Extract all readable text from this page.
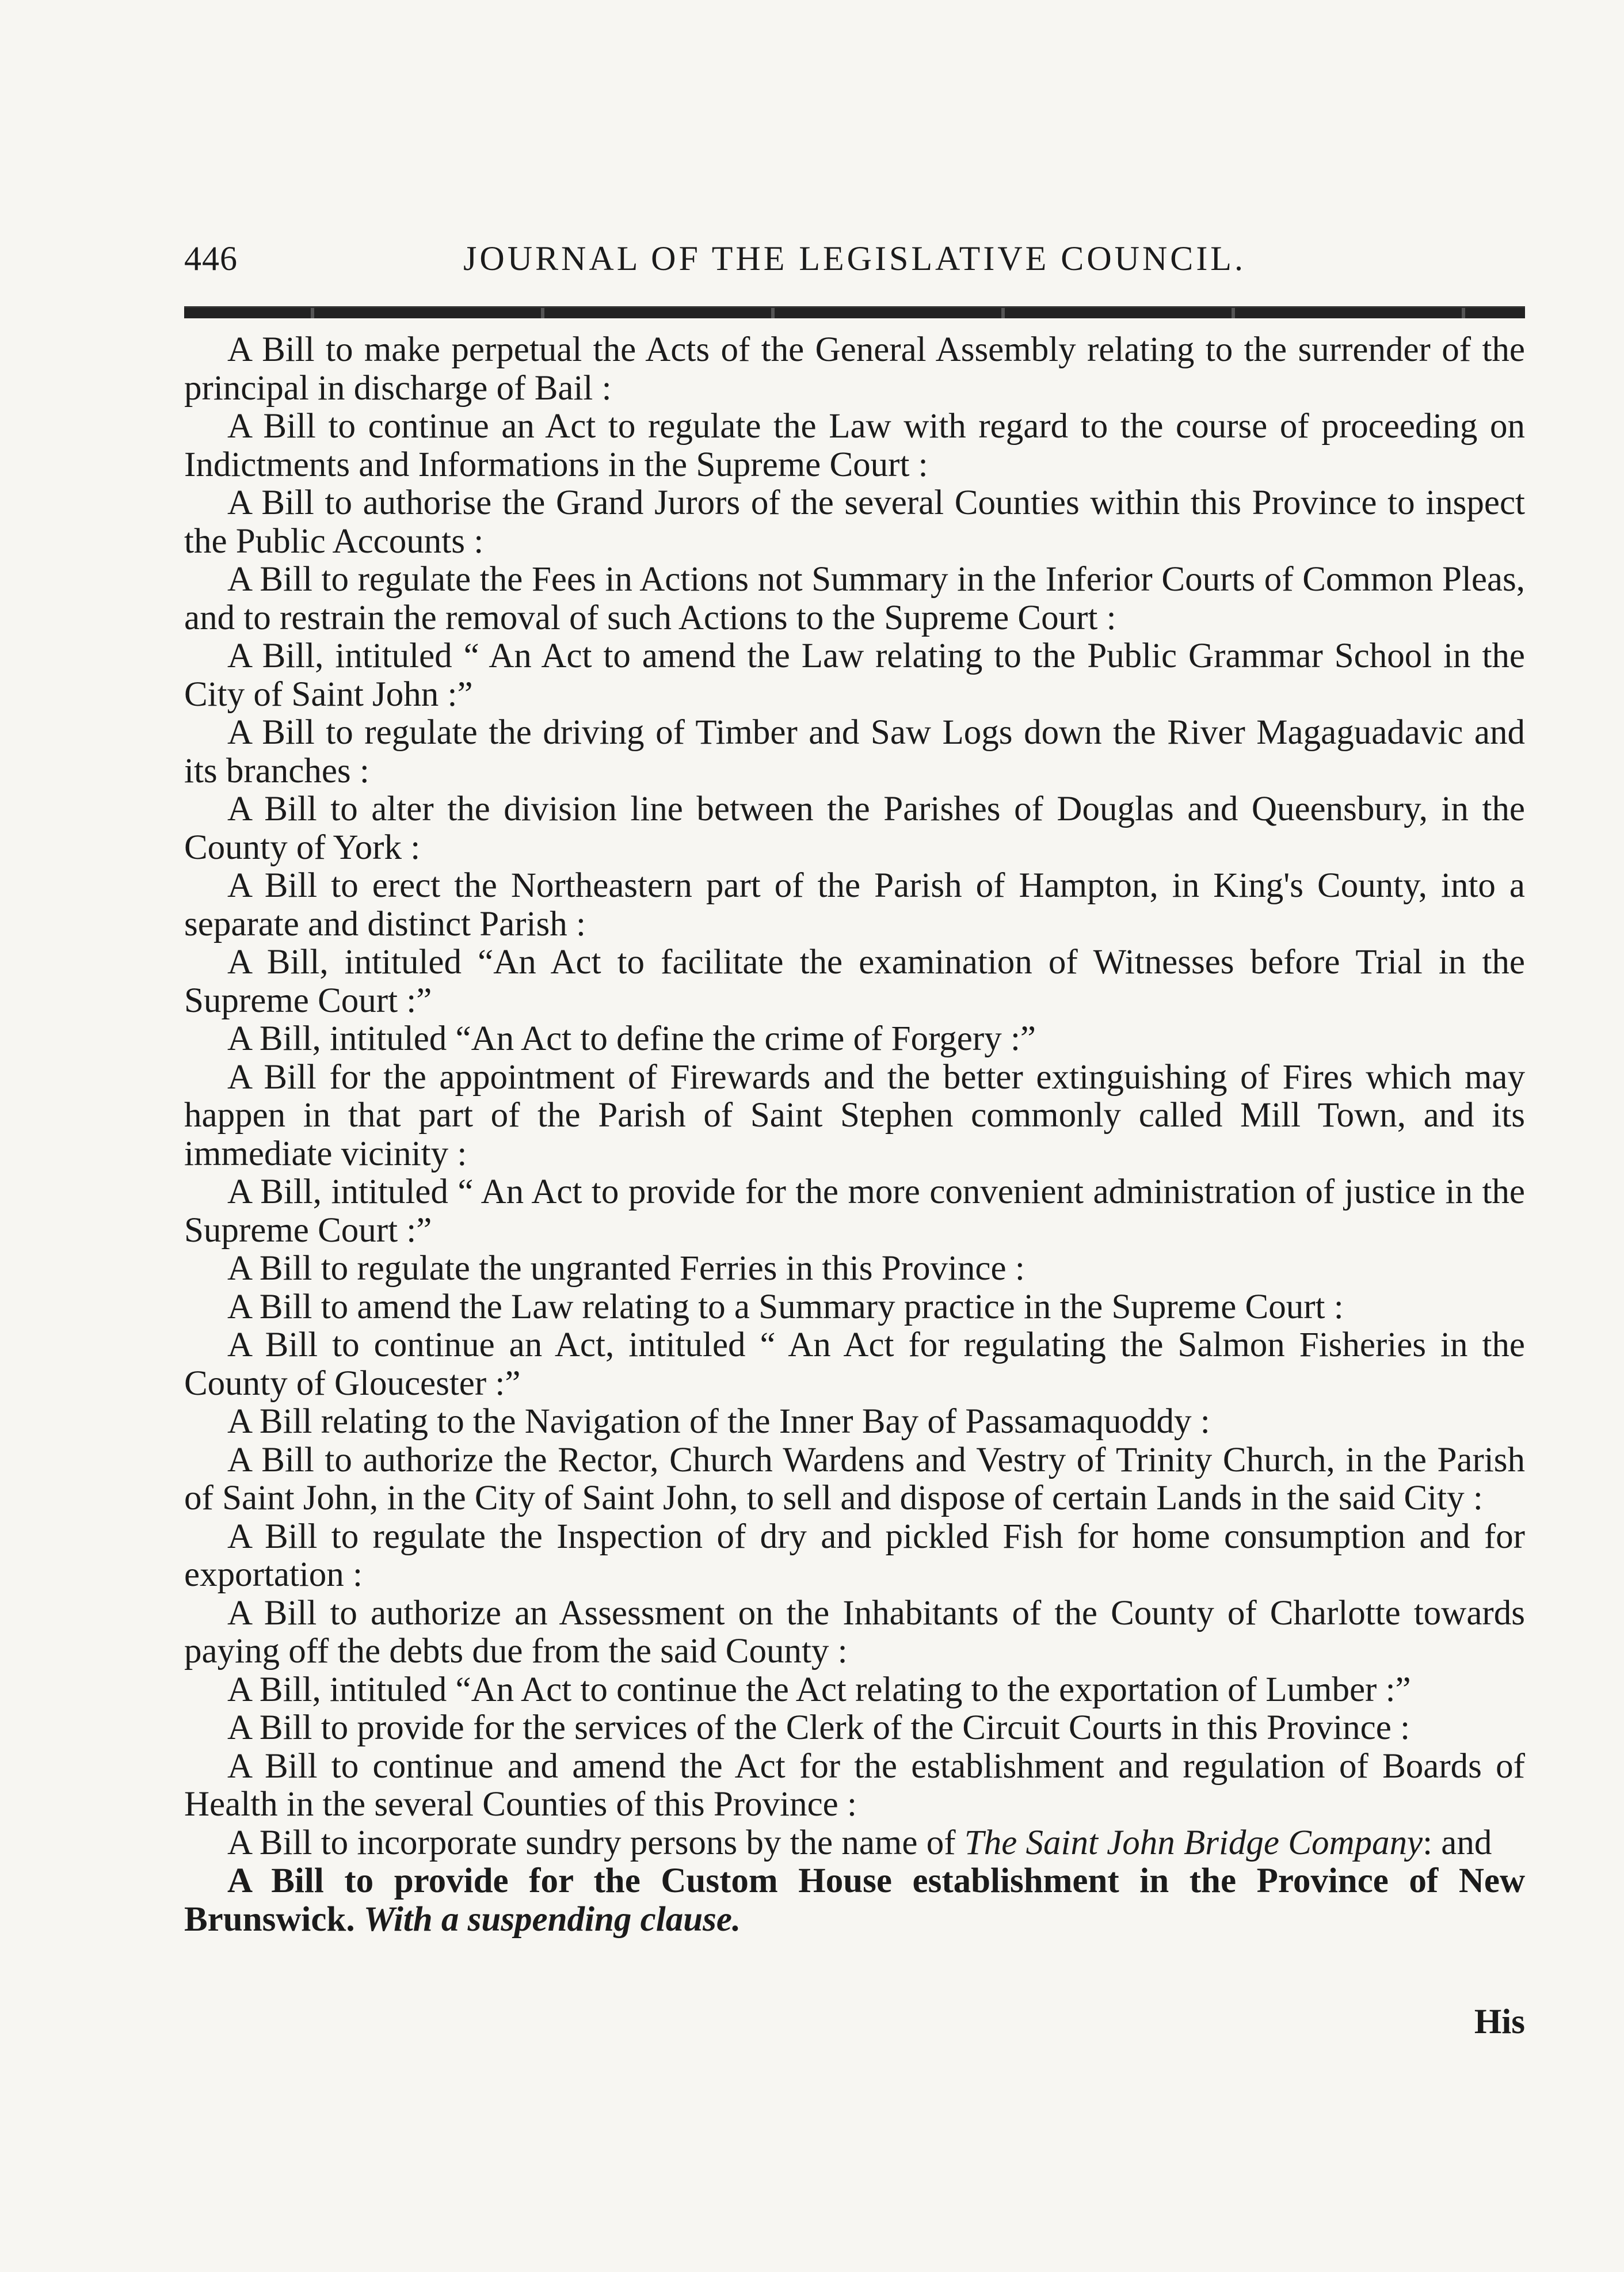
446	JOURNAL OF THE LEGISLATIVE COUNCIL.

A Bill to make perpetual the Acts of the General Assembly relating to the surrender of the principal in discharge of Bail :

A Bill to continue an Act to regulate the Law with regard to the course of proceeding on Indictments and Informations in the Supreme Court :

A Bill to authorise the Grand Jurors of the several Counties within this Province to inspect the Public Accounts :

A Bill to regulate the Fees in Actions not Summary in the Inferior Courts of Common Pleas, and to restrain the removal of such Actions to the Supreme Court :

A Bill, intituled “ An Act to amend the Law relating to the Public Grammar School in the City of Saint John :”

A Bill to regulate the driving of Timber and Saw Logs down the River Magaguadavic and its branches :

A Bill to alter the division line between the Parishes of Douglas and Queensbury, in the County of York :

A Bill to erect the Northeastern part of the Parish of Hampton, in King's County, into a separate and distinct Parish :

A Bill, intituled “An Act to facilitate the examination of Witnesses before Trial in the Supreme Court :”

A Bill, intituled “An Act to define the crime of Forgery :”

A Bill for the appointment of Firewards and the better extinguishing of Fires which may happen in that part of the Parish of Saint Stephen commonly called Mill Town, and its immediate vicinity :

A Bill, intituled “ An Act to provide for the more convenient administration of justice in the Supreme Court :”

A Bill to regulate the ungranted Ferries in this Province :

A Bill to amend the Law relating to a Summary practice in the Supreme Court :

A Bill to continue an Act, intituled “ An Act for regulating the Salmon Fisheries in the County of Gloucester :”

A Bill relating to the Navigation of the Inner Bay of Passamaquoddy :

A Bill to authorize the Rector, Church Wardens and Vestry of Trinity Church, in the Parish of Saint John, in the City of Saint John, to sell and dispose of certain Lands in the said City :

A Bill to regulate the Inspection of dry and pickled Fish for home consumption and for exportation :

A Bill to authorize an Assessment on the Inhabitants of the County of Charlotte towards paying off the debts due from the said County :

A Bill, intituled “An Act to continue the Act relating to the exportation of Lumber :”

A Bill to provide for the services of the Clerk of the Circuit Courts in this Province :

A Bill to continue and amend the Act for the establishment and regulation of Boards of Health in the several Counties of this Province :

A Bill to incorporate sundry persons by the name of The Saint John Bridge Company: and

A Bill to provide for the Custom House establishment in the Province of New Brunswick. With a suspending clause.

His
